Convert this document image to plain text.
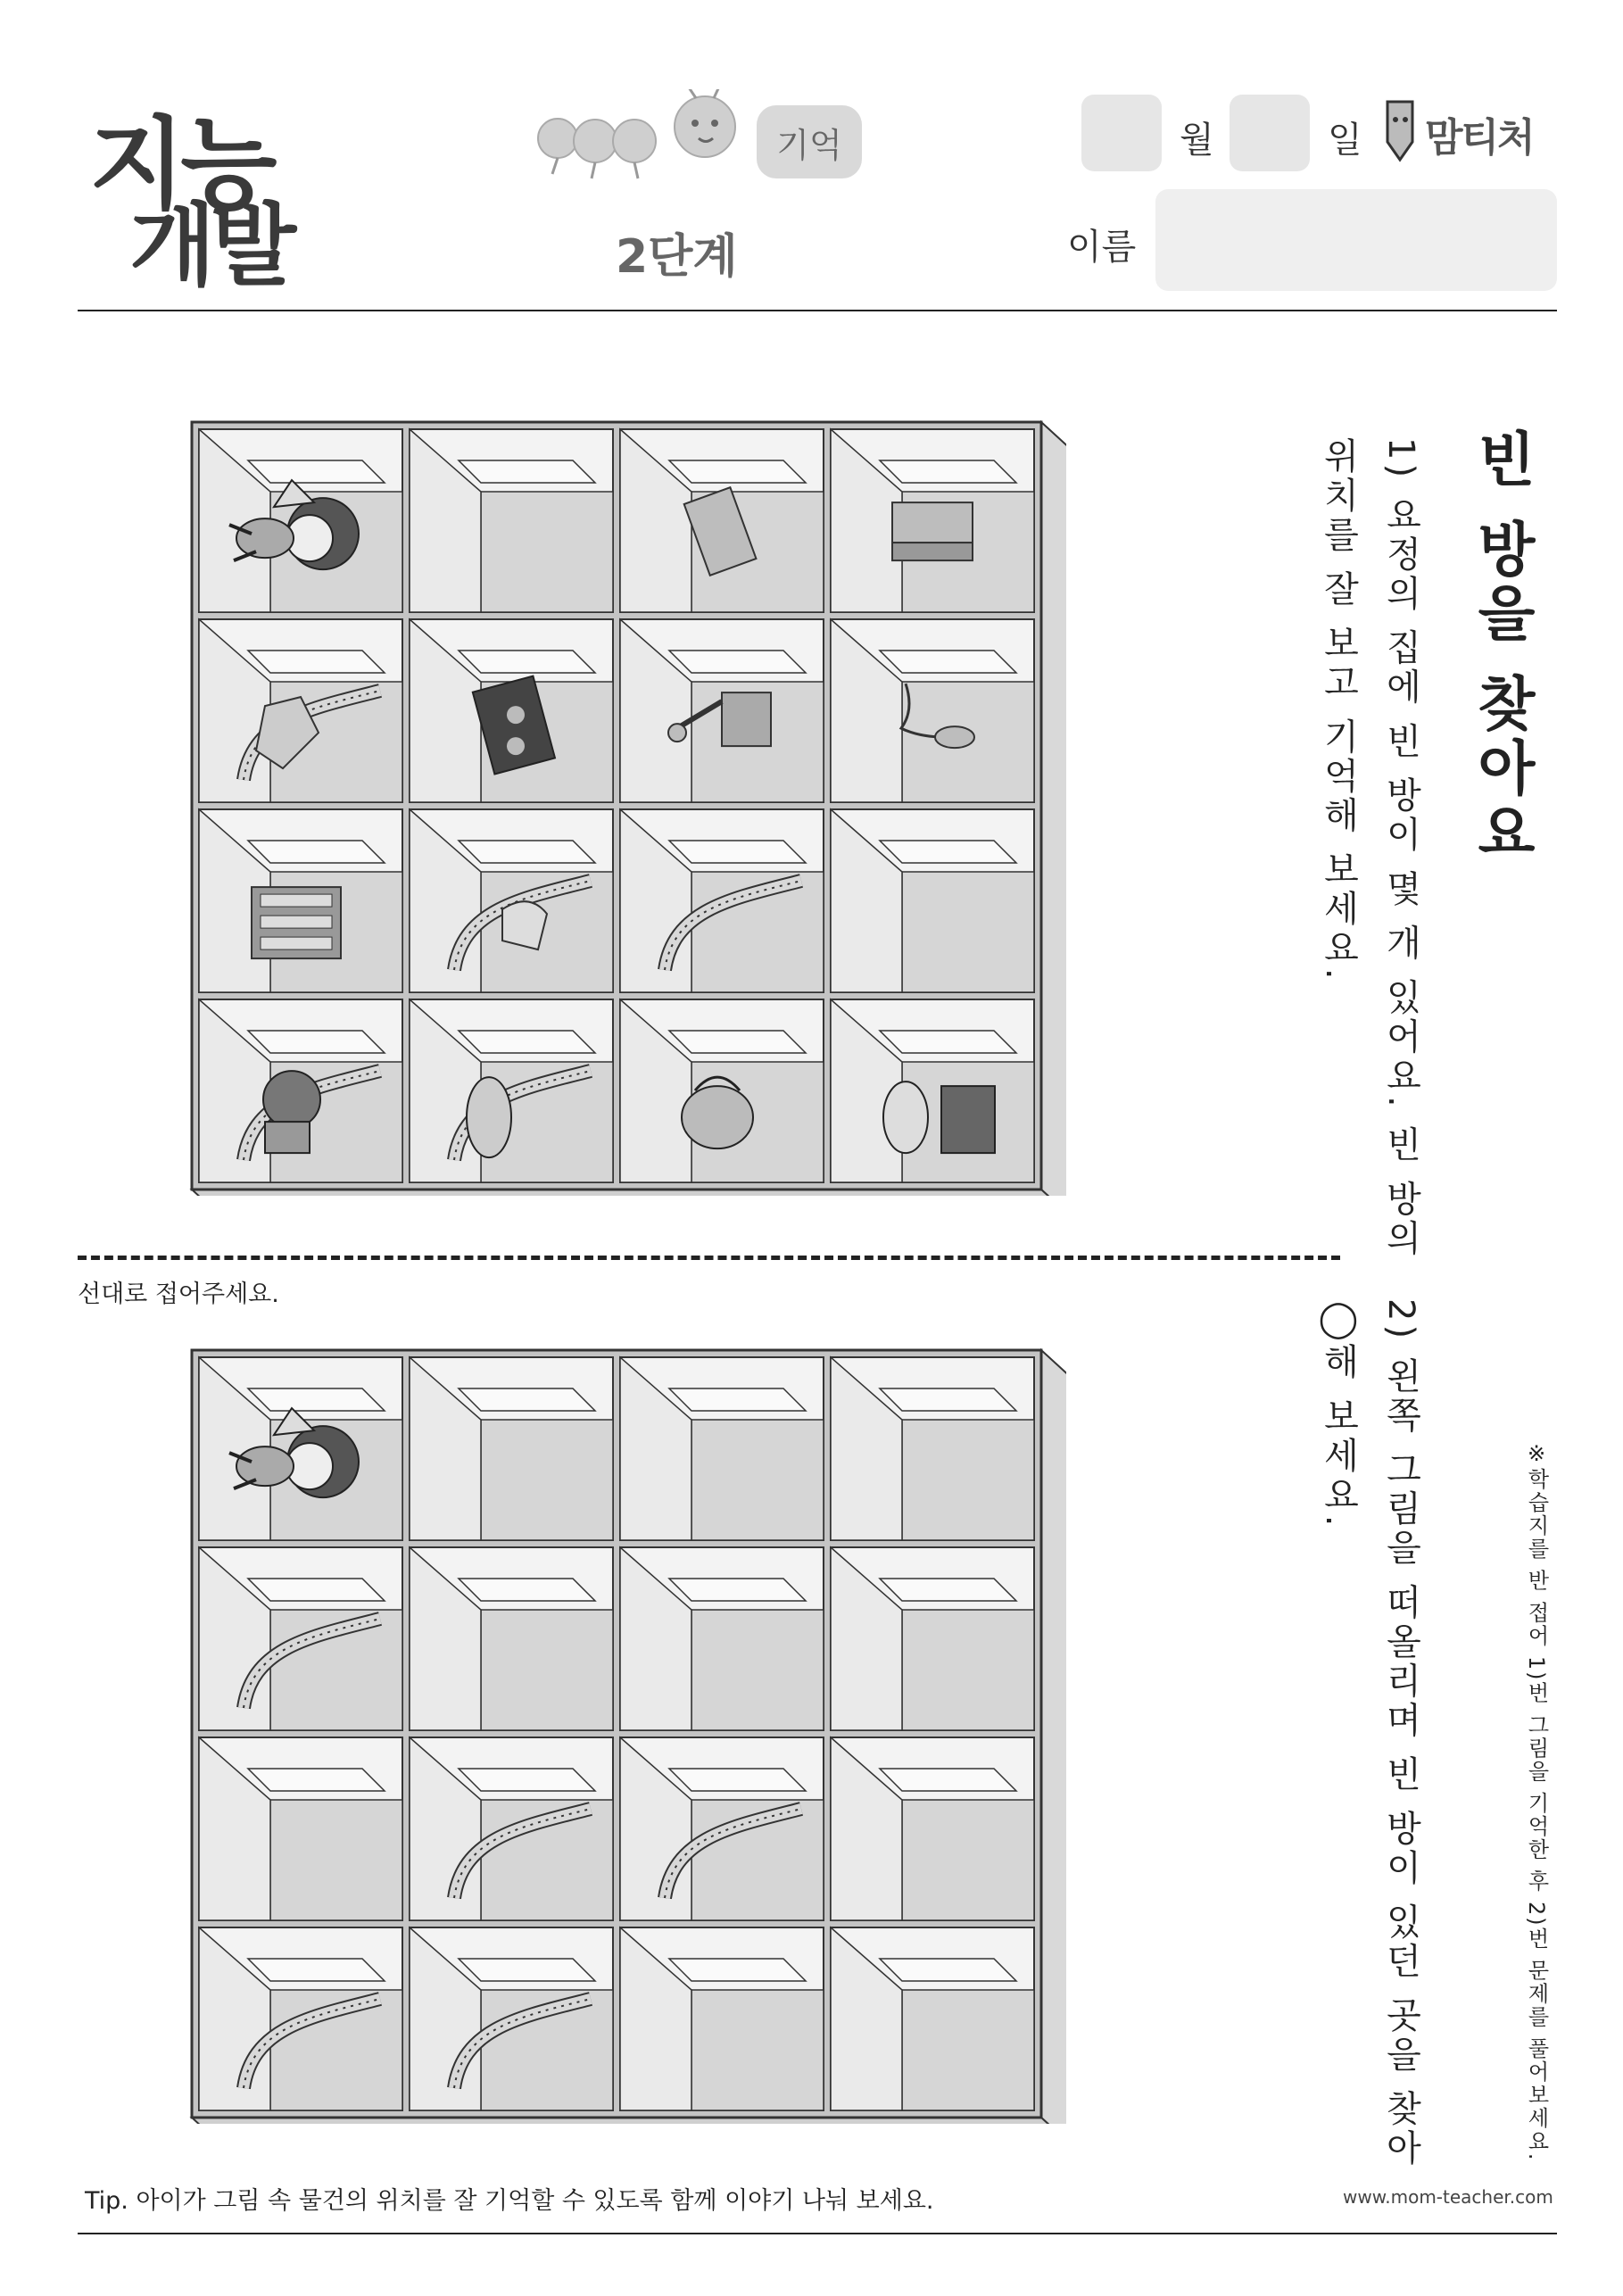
지능
개발
기억
2단계
월	일 맘티처
이름
빈 방을 찾아요
1) 요정의 집에 빈 방이 몇 개 있어요. 빈 방의
위치를 잘 보고 기억해 보세요.
선대로 접어주세요.
2) 왼쪽 그림을 떠올리며 빈 방이 있던 곳을 찾아
◯해 보세요.
※학습지를 반 접어 1)번 그림을 기억한 후 2)번 문제를 풀어보세요.
Tip. 아이가 그림 속 물건의 위치를 잘 기억할 수 있도록 함께 이야기 나눠 보세요.	www.mom-teacher.com
